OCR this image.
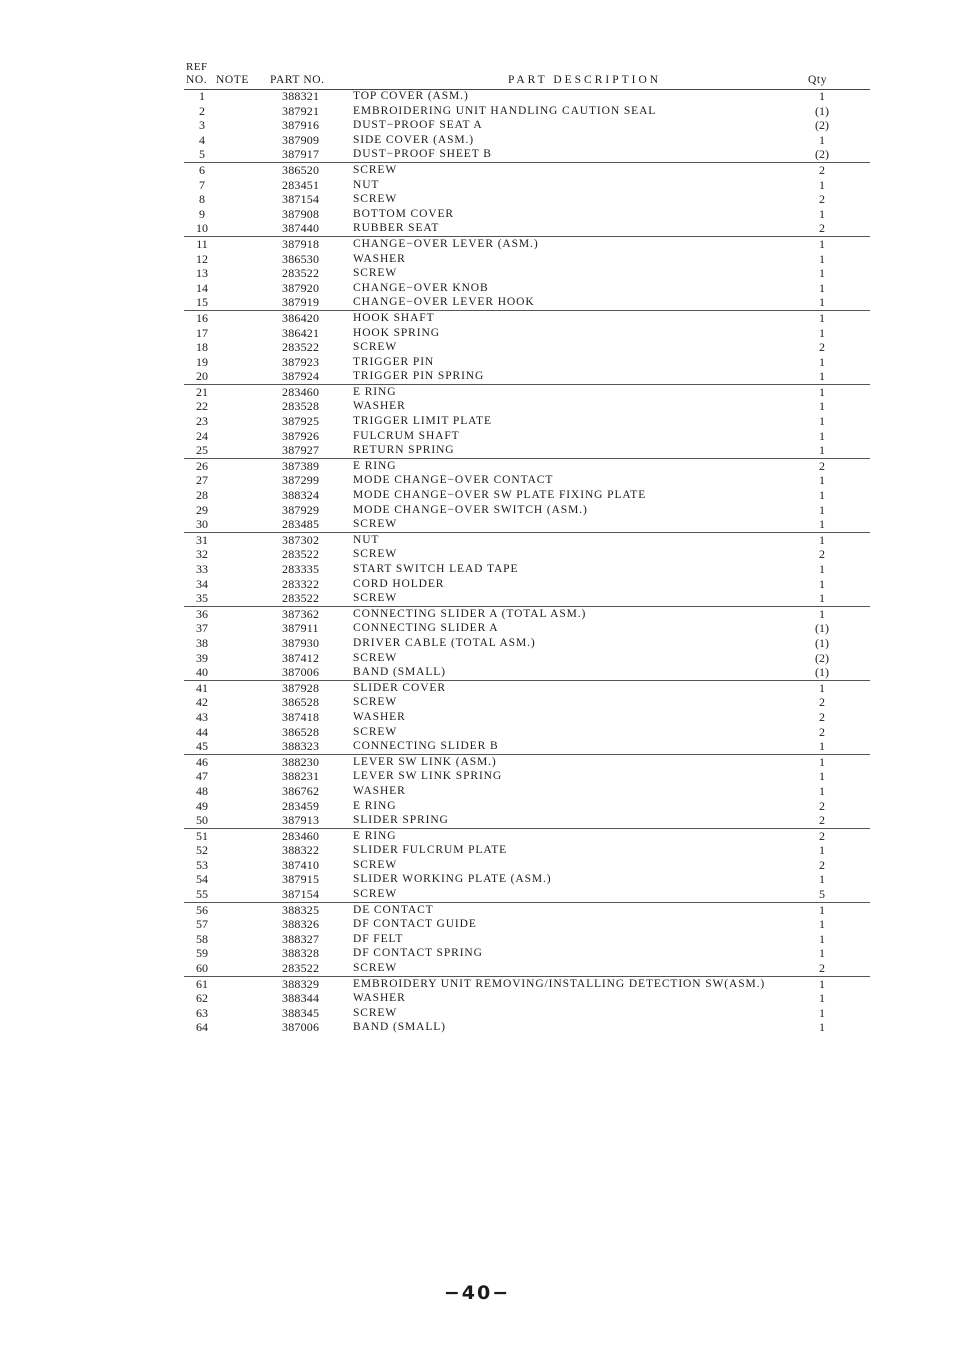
REF
NO. NOTE PART NO.	PART DESCRIPTION	Qty
1	388321	TOP COVER (ASM.)	1
2	387921	EMBROIDERING UNIT HANDLING CAUTION SEAL	(1)
3	387916	DUST−PROOF SEAT A	(2)
4	387909	SIDE COVER (ASM.)	1
5	387917	DUST−PROOF SHEET B	(2)
6	386520	SCREW	2
7	283451	NUT	1
8	387154	SCREW	2
9	387908	BOTTOM COVER	1
10	387440	RUBBER SEAT	2
11	387918	CHANGE−OVER LEVER (ASM.)	1
12	386530	WASHER	1
13	283522	SCREW	1
14	387920	CHANGE−OVER KNOB	1
15	387919	CHANGE−OVER LEVER HOOK	1
16	386420	HOOK SHAFT	1
17	386421	HOOK SPRING	1
18	283522	SCREW	2
19	387923	TRIGGER PIN	1
20	387924	TRIGGER PIN SPRING	1
21	283460	E RING	1
22	283528	WASHER	1
23	387925	TRIGGER LIMIT PLATE	1
24	387926	FULCRUM SHAFT	1
25	387927	RETURN SPRING	1
26	387389	E RING	2
27	387299	MODE CHANGE−OVER CONTACT	1
28	388324	MODE CHANGE−OVER SW PLATE FIXING PLATE	1
29	387929	MODE CHANGE−OVER SWITCH (ASM.)	1
30	283485	SCREW	1
31	387302	NUT	1
32	283522	SCREW	2
33	283335	START SWITCH LEAD TAPE	1
34	283322	CORD HOLDER	1
35	283522	SCREW	1
36	387362	CONNECTING SLIDER A (TOTAL ASM.)	1
37	387911	CONNECTING SLIDER A	(1)
38	387930	DRIVER CABLE (TOTAL ASM.)	(1)
39	387412	SCREW	(2)
40	387006	BAND (SMALL)	(1)
41	387928	SLIDER COVER	1
42	386528	SCREW	2
43	387418	WASHER	2
44	386528	SCREW	2
45	388323	CONNECTING SLIDER B	1
46	388230	LEVER SW LINK (ASM.)	1
47	388231	LEVER SW LINK SPRING	1
48	386762	WASHER	1
49	283459	E RING	2
50	387913	SLIDER SPRING	2
51	283460	E RING	2
52	388322	SLIDER FULCRUM PLATE	1
53	387410	SCREW	2
54	387915	SLIDER WORKING PLATE (ASM.)	1
55	387154	SCREW	5
56	388325	DE CONTACT	1
57	388326	DF CONTACT GUIDE	1
58	388327	DF FELT	1
59	388328	DF CONTACT SPRING	1
60	283522	SCREW	2
61	388329	EMBROIDERY UNIT REMOVING/INSTALLING DETECTION SW(ASM.)	1
62	388344	WASHER	1
63	388345	SCREW	1
64	387006	BAND (SMALL)	1
−40−
